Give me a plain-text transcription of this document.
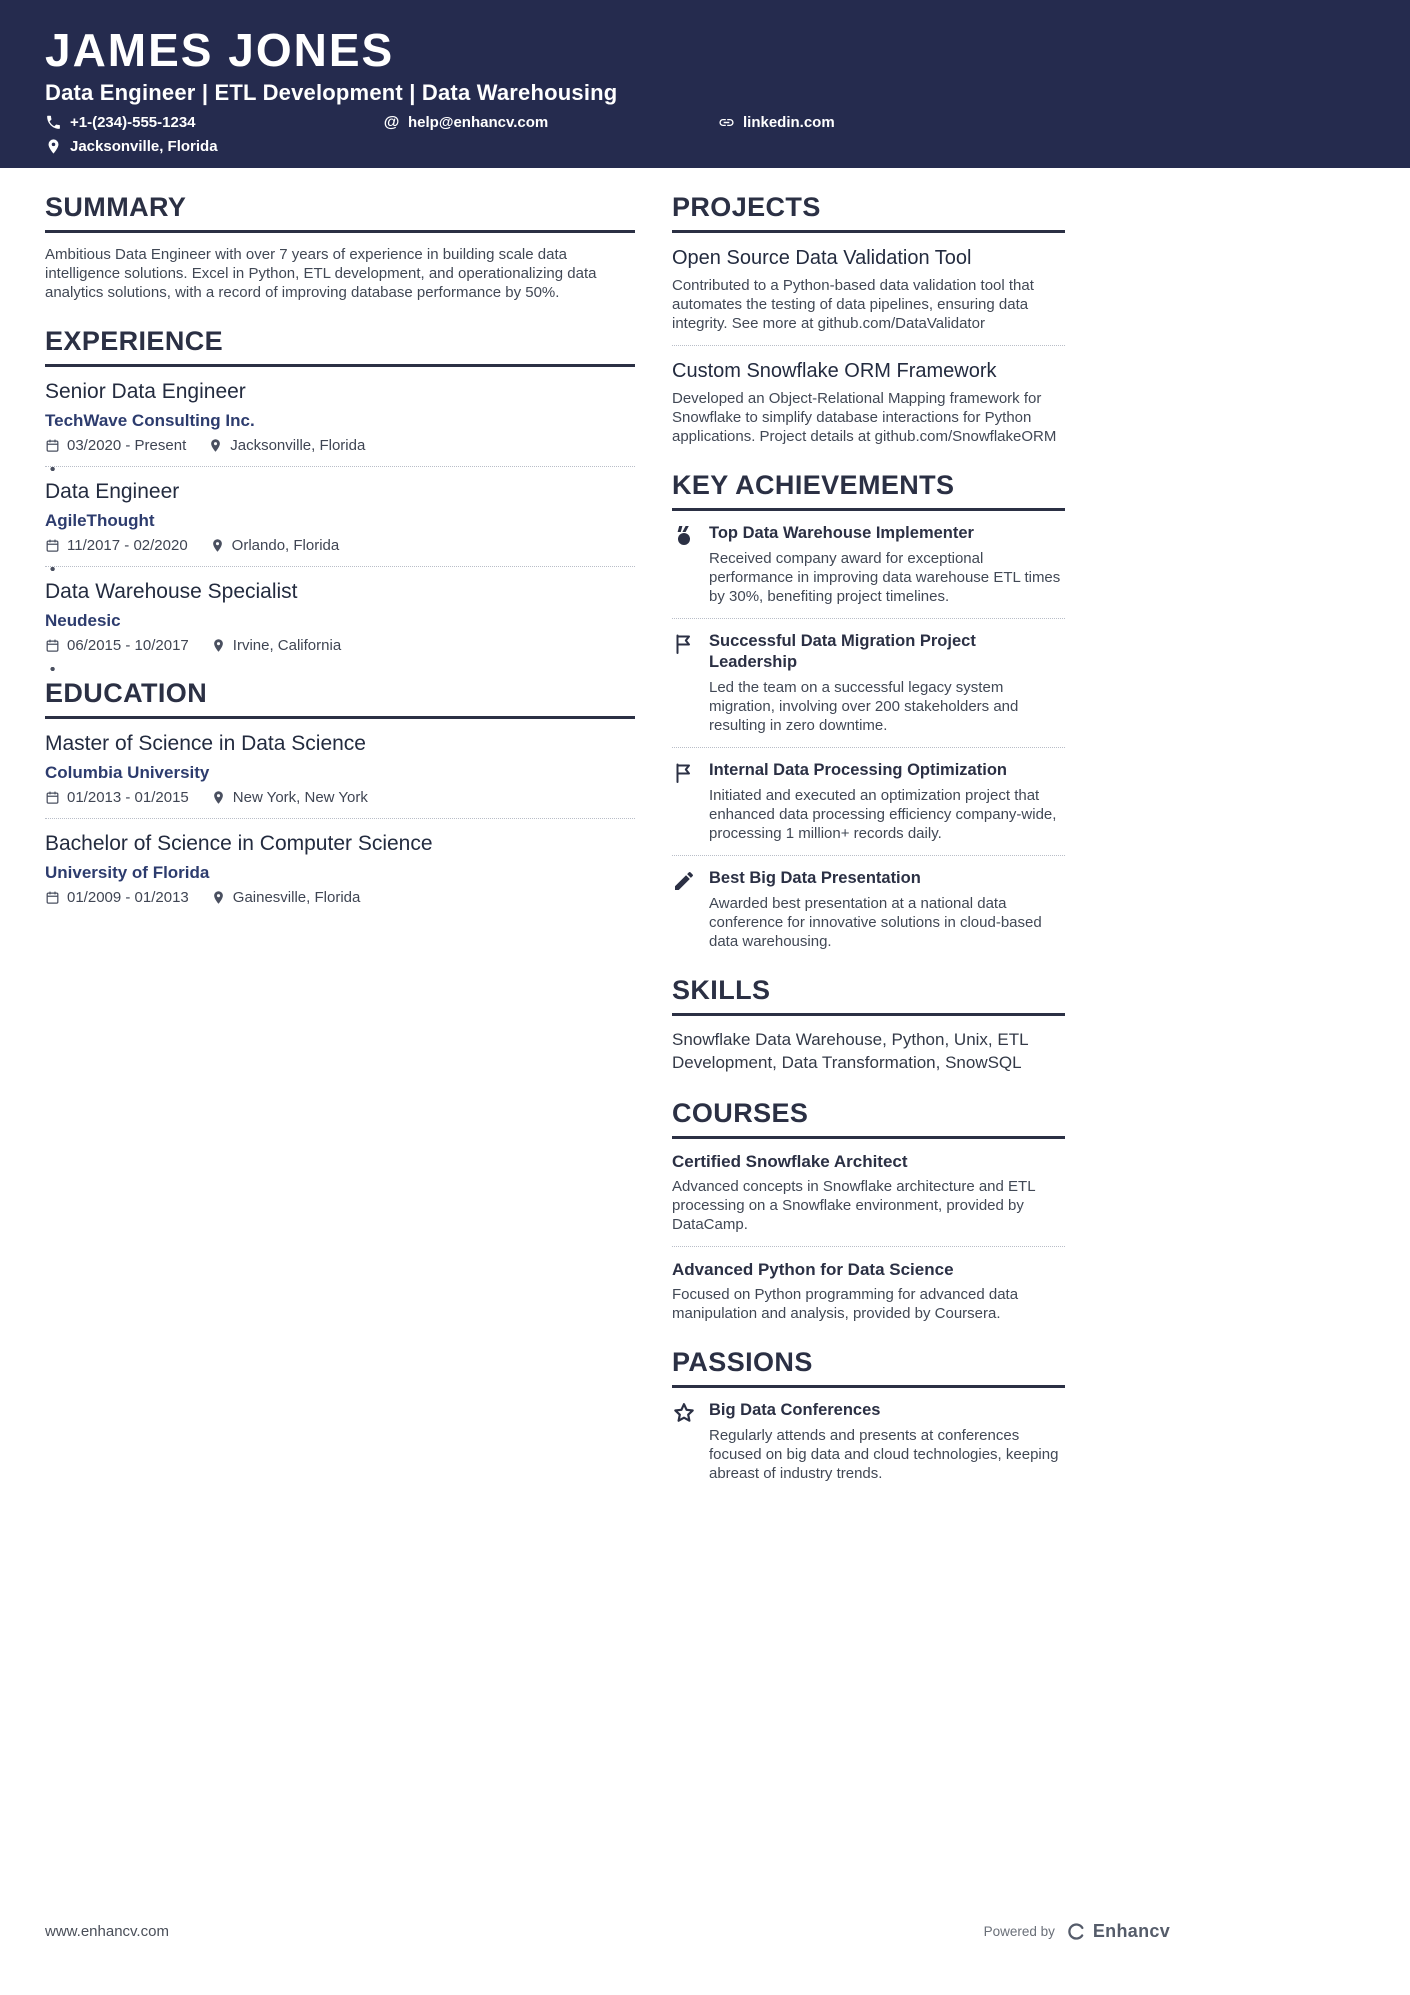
JAMES JONES
Data Engineer | ETL Development | Data Warehousing
+1-(234)-555-1234	@ help@enhancv.com	linkedin.com
Jacksonville, Florida
SUMMARY

Ambitious Data Engineer with over 7 years of experience in building scale data intelligence solutions. Excel in Python, ETL development, and operationalizing data analytics solutions, with a record of improving database performance by 50%.

EXPERIENCE
Senior Data Engineer
TechWave Consulting Inc.
03/2020 - Present	Jacksonville, Florida
Data Engineer
AgileThought
11/2017 - 02/2020	Orlando, Florida
Data Warehouse Specialist
Neudesic
06/2015 - 10/2017	Irvine, California
EDUCATION
Master of Science in Data Science
Columbia University
01/2013 - 01/2015	New York, New York
Bachelor of Science in Computer Science
University of Florida
01/2009 - 01/2013	Gainesville, Florida
PROJECTS
Open Source Data Validation Tool

Contributed to a Python-based data validation tool that automates the testing of data pipelines, ensuring data integrity. See more at github.com/DataValidator

Custom Snowflake ORM Framework

Developed an Object-Relational Mapping framework for Snowflake to simplify database interactions for Python applications. Project details at github.com/SnowflakeORM

KEY ACHIEVEMENTS
Top Data Warehouse Implementer

Received company award for exceptional performance in improving data warehouse ETL times by 30%, benefiting project timelines.

Successful Data Migration Project Leadership

Led the team on a successful legacy system migration, involving over 200 stakeholders and resulting in zero downtime.

Internal Data Processing Optimization

Initiated and executed an optimization project that enhanced data processing efficiency company-wide, processing 1 million+ records daily.

Best Big Data Presentation

Awarded best presentation at a national data conference for innovative solutions in cloud-based data warehousing.

SKILLS

Snowflake Data Warehouse, Python, Unix, ETL Development, Data Transformation, SnowSQL

COURSES
Certified Snowflake Architect

Advanced concepts in Snowflake architecture and ETL processing on a Snowflake environment, provided by DataCamp.

Advanced Python for Data Science

Focused on Python programming for advanced data manipulation and analysis, provided by Coursera.

PASSIONS
Big Data Conferences

Regularly attends and presents at conferences focused on big data and cloud technologies, keeping abreast of industry trends.

www.enhancv.com	Powered by Enhancv
